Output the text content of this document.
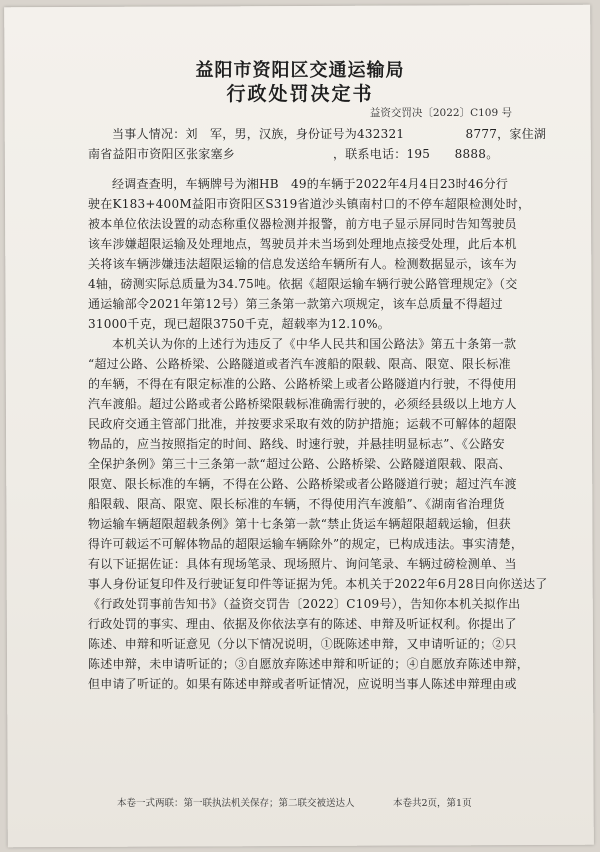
益阳市资阳区交通运输局
行政处罚决定书
益资交罚决〔2022〕C109 号
当事人情况：刘　军，男，汉族，身份证号为432321　　　　　8777，家住湖
南省益阳市资阳区张家塞乡　　　　　　　　，联系电话：195　　8888。
经调查查明，车辆牌号为湘HB　49的车辆于2022年4月4日23时46分行
驶在K183+400M益阳市资阳区S319省道沙头镇南村口的不停车超限检测处时，
被本单位依法设置的动态称重仪器检测并报警，前方电子显示屏同时告知驾驶员
该车涉嫌超限运输及处理地点，驾驶员并未当场到处理地点接受处理，此后本机
关将该车辆涉嫌违法超限运输的信息发送给车辆所有人。检测数据显示，该车为
4轴，磅测实际总质量为34.75吨。依据《超限运输车辆行驶公路管理规定》（交
通运输部令2021年第12号）第三条第一款第六项规定，该车总质量不得超过
31000千克，现已超限3750千克，超载率为12.10%。
本机关认为你的上述行为违反了《中华人民共和国公路法》第五十条第一款
“超过公路、公路桥梁、公路隧道或者汽车渡船的限载、限高、限宽、限长标准
的车辆，不得在有限定标准的公路、公路桥梁上或者公路隧道内行驶，不得使用
汽车渡船。超过公路或者公路桥梁限载标准确需行驶的，必须经县级以上地方人
民政府交通主管部门批准，并按要求采取有效的防护措施；运载不可解体的超限
物品的，应当按照指定的时间、路线、时速行驶，并悬挂明显标志”、《公路安
全保护条例》第三十三条第一款“超过公路、公路桥梁、公路隧道限载、限高、
限宽、限长标准的车辆，不得在公路、公路桥梁或者公路隧道行驶；超过汽车渡
船限载、限高、限宽、限长标准的车辆，不得使用汽车渡船”、《湖南省治理货
物运输车辆超限超载条例》第十七条第一款“禁止货运车辆超限超载运输，但获
得许可载运不可解体物品的超限运输车辆除外”的规定，已构成违法。事实清楚，
有以下证据佐证：具体有现场笔录、现场照片、询问笔录、车辆过磅检测单、当
事人身份证复印件及行驶证复印件等证据为凭。本机关于2022年6月28日向你送达了
《行政处罚事前告知书》（益资交罚告〔2022〕C109号），告知你本机关拟作出
行政处罚的事实、理由、依据及你依法享有的陈述、申辩及听证权利。你提出了
陈述、申辩和听证意见（分以下情况说明，①既陈述申辩，又申请听证的；②只
陈述申辩，未申请听证的；③自愿放弃陈述申辩和听证的；④自愿放弃陈述申辩，
但申请了听证的。如果有陈述申辩或者听证情况，应说明当事人陈述申辩理由或
本卷一式两联：第一联执法机关保存；第二联交被送达人	本卷共2页，第1页
